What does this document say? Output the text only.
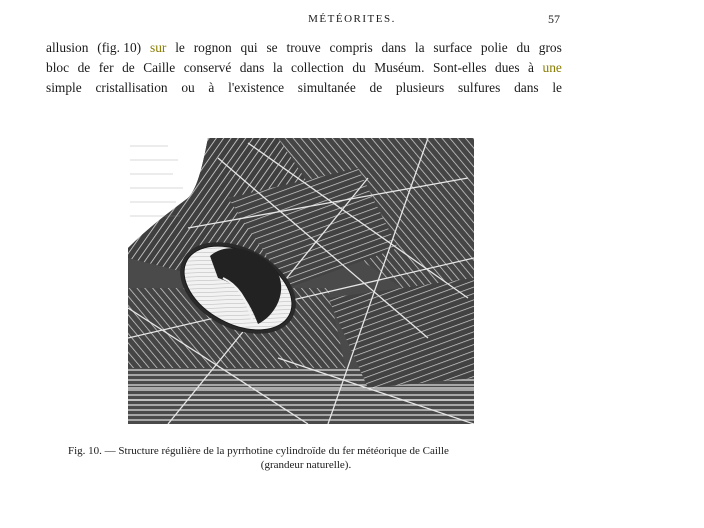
MÉTÉORITES.	57
allusion (fig. 10) sur le rognon qui se trouve compris dans la surface polie du gros
bloc de fer de Caille conservé dans la collection du Muséum. Sont-elles dues à une
simple cristallisation ou à l'existence simultanée de plusieurs sulfures dans le
Fig. 10. — Structure régulière de la pyrrhotine cylindroïde du fer météorique de Caille
(grandeur naturelle).
